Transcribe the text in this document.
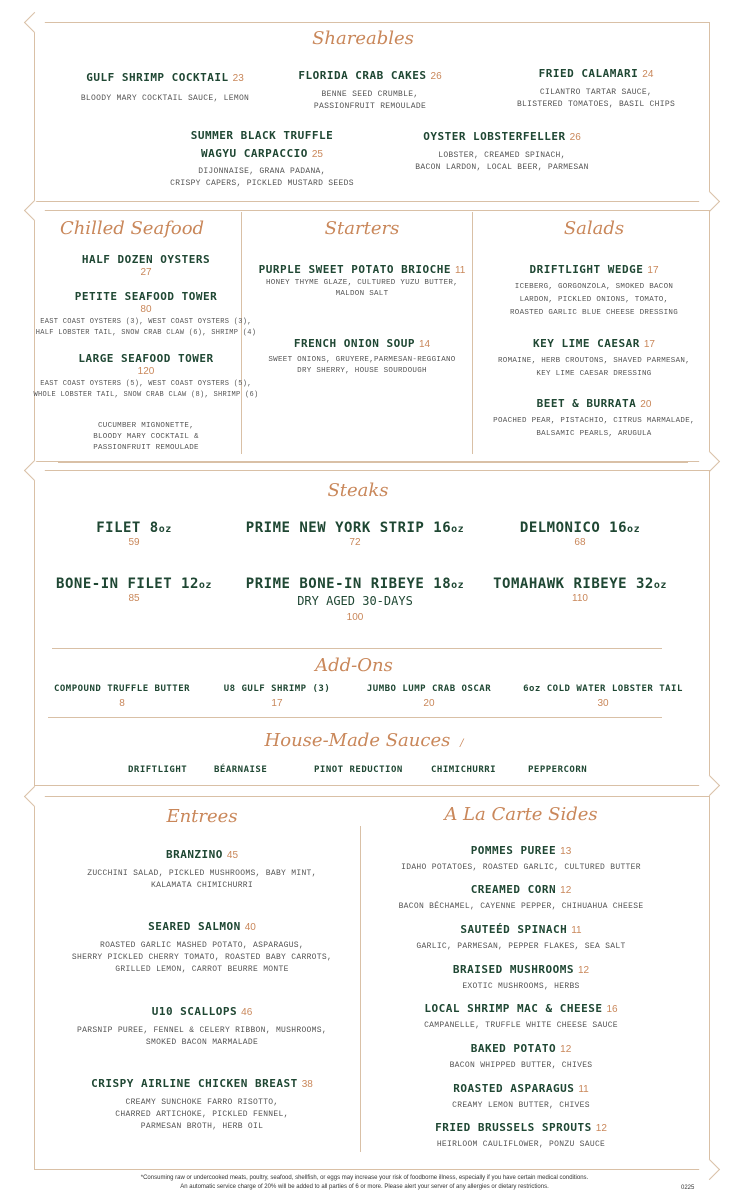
Shareables
GULF SHRIMP COCKTAIL 23
BLOODY MARY COCKTAIL SAUCE, LEMON
FLORIDA CRAB CAKES 26
BENNE SEED CRUMBLE,
PASSIONFRUIT REMOULADE
FRIED CALAMARI 24
CILANTRO TARTAR SAUCE,
BLISTERED TOMATOES, BASIL CHIPS
SUMMER BLACK TRUFFLE
WAGYU CARPACCIO 25
DIJONNAISE, GRANA PADANA,
CRISPY CAPERS, PICKLED MUSTARD SEEDS
OYSTER LOBSTERFELLER 26
LOBSTER, CREAMED SPINACH,
BACON LARDON, LOCAL BEER, PARMESAN
Chilled Seafood
HALF DOZEN OYSTERS
27
PETITE SEAFOOD TOWER
80
EAST COAST OYSTERS (3), WEST COAST OYSTERS (3),
HALF LOBSTER TAIL, SNOW CRAB CLAW (6), SHRIMP (4)
LARGE SEAFOOD TOWER
120
EAST COAST OYSTERS (5), WEST COAST OYSTERS (5),
WHOLE LOBSTER TAIL, SNOW CRAB CLAW (8), SHRIMP (6)
CUCUMBER MIGNONETTE,
BLOODY MARY COCKTAIL &
PASSIONFRUIT REMOULADE
Starters
PURPLE SWEET POTATO BRIOCHE 11
HONEY THYME GLAZE, CULTURED YUZU BUTTER,
MALDON SALT
FRENCH ONION SOUP 14
SWEET ONIONS, GRUYERE,PARMESAN-REGGIANO
DRY SHERRY, HOUSE SOURDOUGH
Salads
DRIFTLIGHT WEDGE 17
ICEBERG, GORGONZOLA, SMOKED BACON
LARDON, PICKLED ONIONS, TOMATO,
ROASTED GARLIC BLUE CHEESE DRESSING
KEY LIME CAESAR 17
ROMAINE, HERB CROUTONS, SHAVED PARMESAN,
KEY LIME CAESAR DRESSING
BEET & BURRATA 20
POACHED PEAR, PISTACHIO, CITRUS MARMALADE,
BALSAMIC PEARLS, ARUGULA
Steaks
FILET 8oz
59
PRIME NEW YORK STRIP 16oz
72
DELMONICO 16oz
68
BONE-IN FILET 12oz
85
PRIME BONE-IN RIBEYE 18oz
DRY AGED 30-DAYS
100
TOMAHAWK RIBEYE 32oz
110
Add-Ons
COMPOUND TRUFFLE BUTTER
8
U8 GULF SHRIMP (3)
17
JUMBO LUMP CRAB OSCAR
20
6oz COLD WATER LOBSTER TAIL
30
House-Made Sauces /
DRIFTLIGHT	BÉARNAISE	PINOT REDUCTION	CHIMICHURRI	PEPPERCORN
Entrees
BRANZINO 45
ZUCCHINI SALAD, PICKLED MUSHROOMS, BABY MINT,
KALAMATA CHIMICHURRI
SEARED SALMON 40
ROASTED GARLIC MASHED POTATO, ASPARAGUS,
SHERRY PICKLED CHERRY TOMATO, ROASTED BABY CARROTS,
GRILLED LEMON, CARROT BEURRE MONTE
U10 SCALLOPS 46
PARSNIP PUREE, FENNEL & CELERY RIBBON, MUSHROOMS,
SMOKED BACON MARMALADE
CRISPY AIRLINE CHICKEN BREAST 38
CREAMY SUNCHOKE FARRO RISOTTO,
CHARRED ARTICHOKE, PICKLED FENNEL,
PARMESAN BROTH, HERB OIL
A La Carte Sides
POMMES PUREE 13
IDAHO POTATOES, ROASTED GARLIC, CULTURED BUTTER
CREAMED CORN 12
BACON BÉCHAMEL, CAYENNE PEPPER, CHIHUAHUA CHEESE
SAUTEÉD SPINACH 11
GARLIC, PARMESAN, PEPPER FLAKES, SEA SALT
BRAISED MUSHROOMS 12
EXOTIC MUSHROOMS, HERBS
LOCAL SHRIMP MAC & CHEESE 16
CAMPANELLE, TRUFFLE WHITE CHEESE SAUCE
BAKED POTATO 12
BACON WHIPPED BUTTER, CHIVES
ROASTED ASPARAGUS 11
CREAMY LEMON BUTTER, CHIVES
FRIED BRUSSELS SPROUTS 12
HEIRLOOM CAULIFLOWER, PONZU SAUCE
*Consuming raw or undercooked meats, poultry, seafood, shellfish, or eggs may increase your risk of foodborne illness, especially if you have certain medical conditions.
An automatic service charge of 20% will be added to all parties of 6 or more. Please alert your server of any allergies or dietary restrictions.	0225
